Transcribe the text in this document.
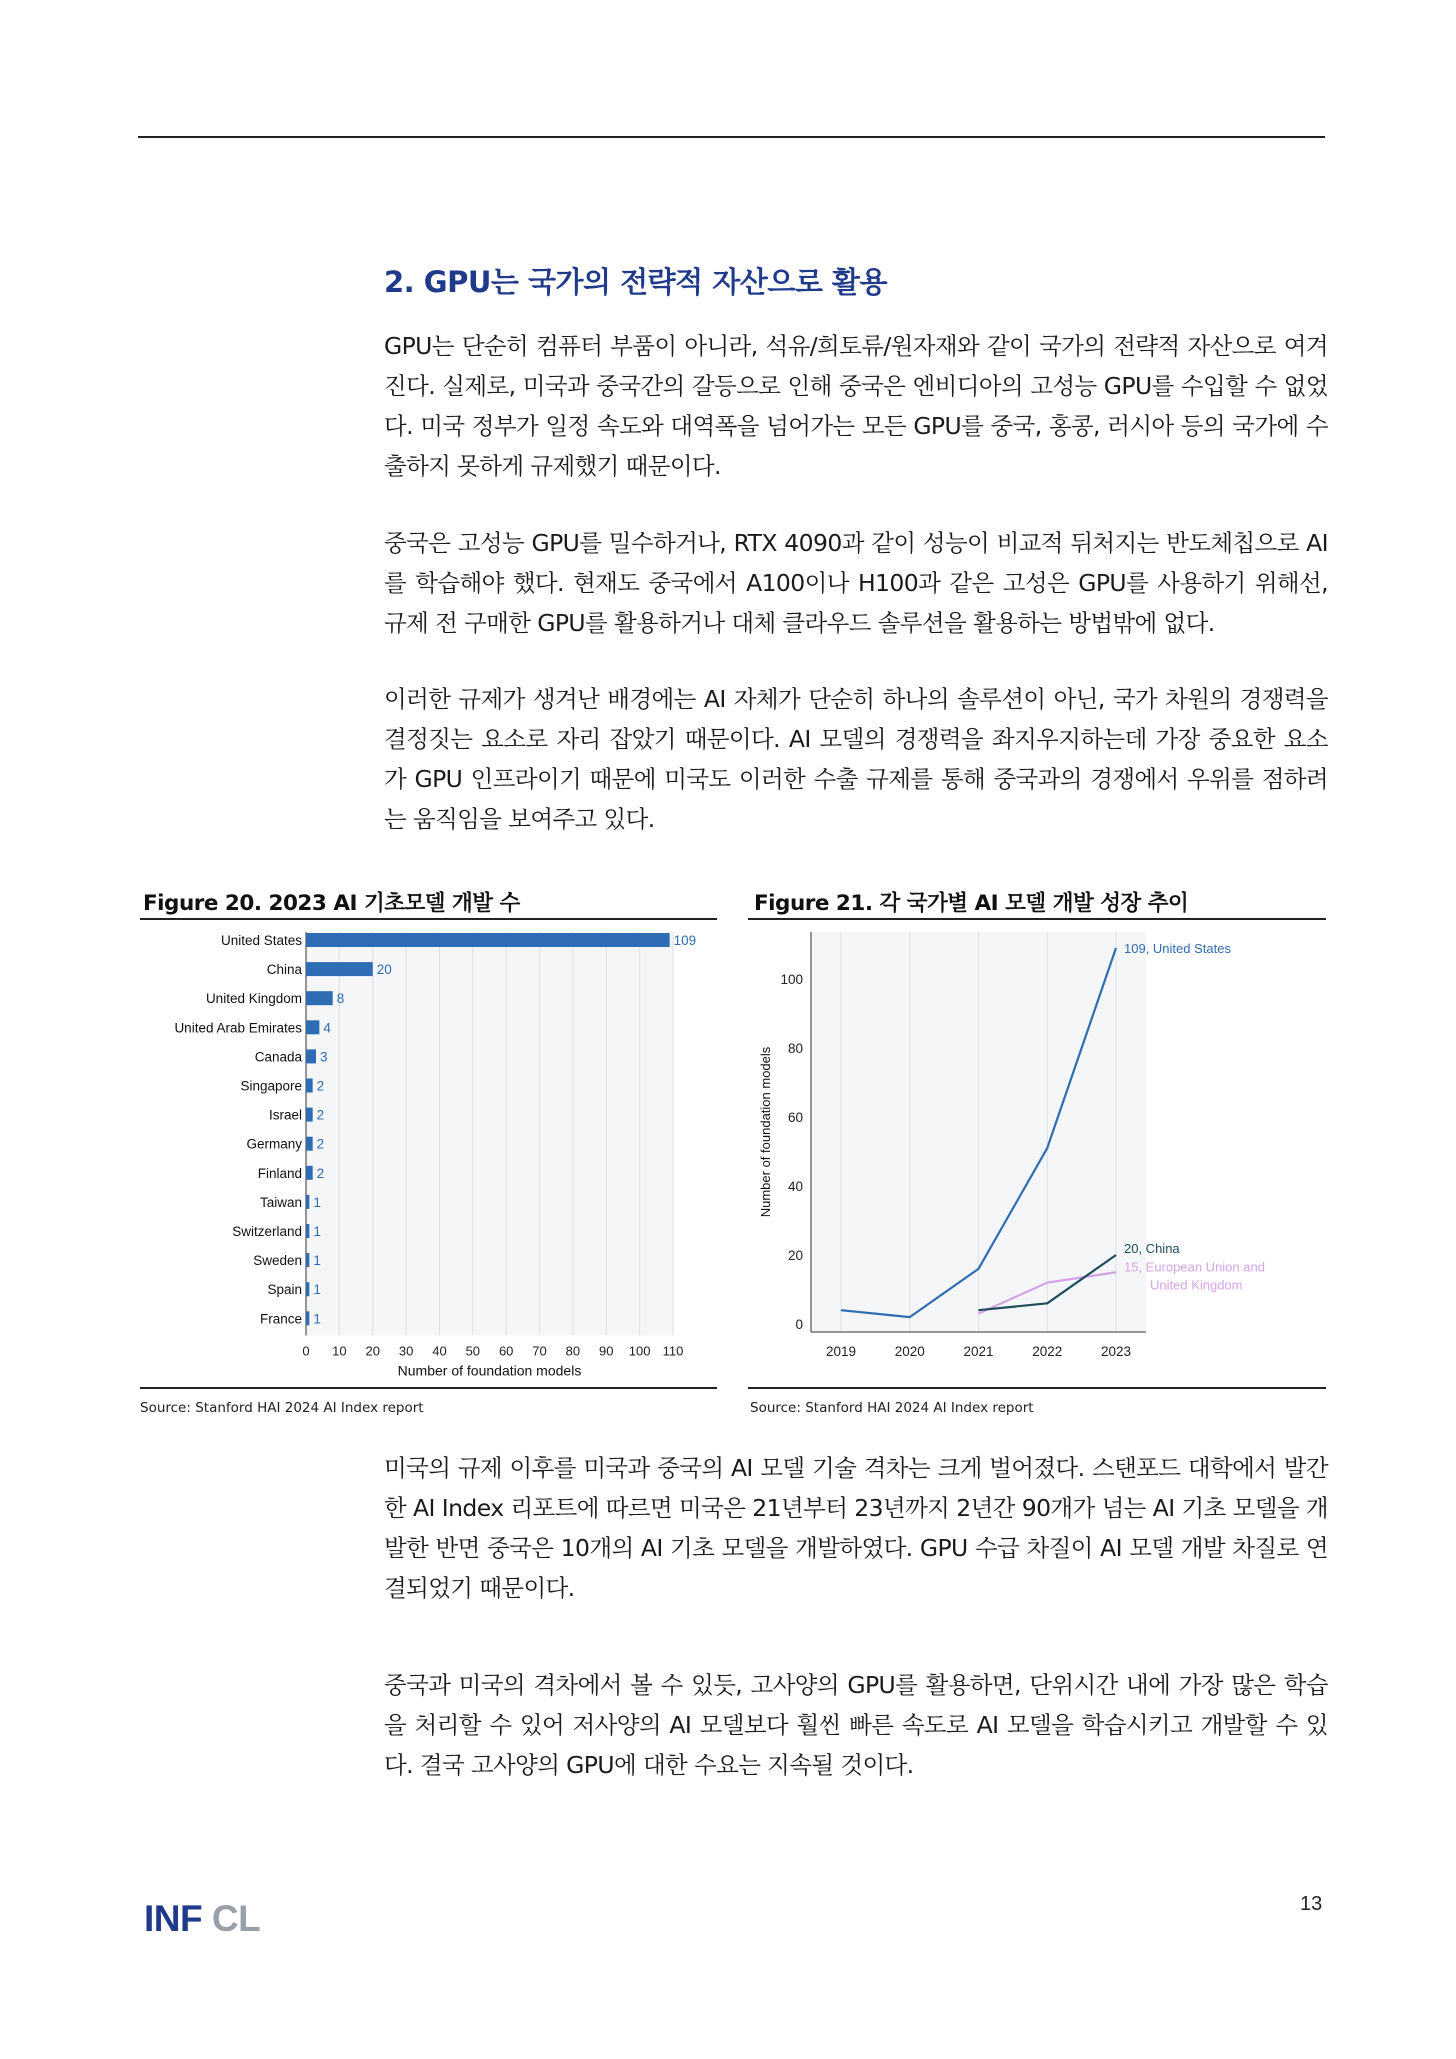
2. GPU는 국가의 전략적 자산으로 활용

GPU는 단순히 컴퓨터 부품이 아니라, 석유/희토류/원자재와 같이 국가의 전략적 자산으로 여겨진다. 실제로, 미국과 중국간의 갈등으로 인해 중국은 엔비디아의 고성능 GPU를 수입할 수 없었다. 미국 정부가 일정 속도와 대역폭을 넘어가는 모든 GPU를 중국, 홍콩, 러시아 등의 국가에 수출하지 못하게 규제했기 때문이다.

중국은 고성능 GPU를 밀수하거나, RTX 4090과 같이 성능이 비교적 뒤처지는 반도체칩으로 AI를 학습해야 했다. 현재도 중국에서 A100이나 H100과 같은 고성은 GPU를 사용하기 위해선, 규제 전 구매한 GPU를 활용하거나 대체 클라우드 솔루션을 활용하는 방법밖에 없다.

이러한 규제가 생겨난 배경에는 AI 자체가 단순히 하나의 솔루션이 아닌, 국가 차원의 경쟁력을 결정짓는 요소로 자리 잡았기 때문이다. AI 모델의 경쟁력을 좌지우지하는데 가장 중요한 요소가 GPU 인프라이기 때문에 미국도 이러한 수출 규제를 통해 중국과의 경쟁에서 우위를 점하려는 움직임을 보여주고 있다.

Figure 20. 2023 AI 기초모델 개발 수
0 10 20 30 40 50 60 70 80 90 100 110
United States	109
China	20
United Kingdom	8
United Arab Emirates 4
Canada 3
Singapore 2
Israel 2
Germany 2
Finland 2
Taiwan 1
Switzerland 1
Sweden 1
Spain 1
France 1
Number of foundation models
Source: Stanford HAI 2024 AI Index report
Figure 21. 각 국가별 AI 모델 개발 성장 추이
2019	2020	2021	2022	2023
0
20
40
60
80
100
Number of foundation models
109, United States
20, China
15, European Union and
United Kingdom
Source: Stanford HAI 2024 AI Index report

미국의 규제 이후를 미국과 중국의 AI 모델 기술 격차는 크게 벌어졌다. 스탠포드 대학에서 발간한 AI Index 리포트에 따르면 미국은 21년부터 23년까지 2년간 90개가 넘는 AI 기초 모델을 개발한 반면 중국은 10개의 AI 기초 모델을 개발하였다. GPU 수급 차질이 AI 모델 개발 차질로 연결되었기 때문이다.

중국과 미국의 격차에서 볼 수 있듯, 고사양의 GPU를 활용하면, 단위시간 내에 가장 많은 학습을 처리할 수 있어 저사양의 AI 모델보다 훨씬 빠른 속도로 AI 모델을 학습시키고 개발할 수 있다. 결국 고사양의 GPU에 대한 수요는 지속될 것이다.

INF CL	13
